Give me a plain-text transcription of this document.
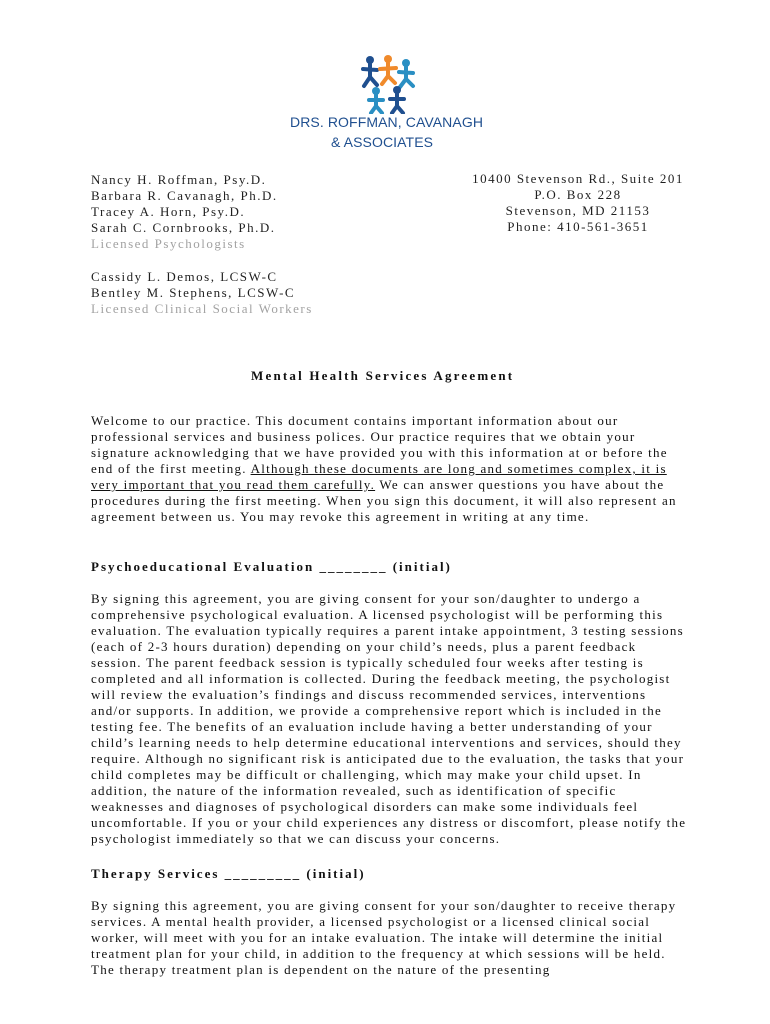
DRS. ROFFMAN, CAVANAGH
& ASSOCIATES
Nancy H. Roffman, Psy.D.
Barbara R. Cavanagh, Ph.D.
Tracey A. Horn, Psy.D.
Sarah C. Cornbrooks, Ph.D.
Licensed Psychologists
10400 Stevenson Rd., Suite 201
P.O. Box 228
Stevenson, MD 21153
Phone: 410-561-3651
Cassidy L. Demos, LCSW-C
Bentley M. Stephens, LCSW-C
Licensed Clinical Social Workers
Mental Health Services Agreement

Welcome to our practice. This document contains important information about our professional services and business polices. Our practice requires that we obtain your signature acknowledging that we have provided you with this information at or before the end of the first meeting. Although these documents are long and sometimes complex, it is very important that you read them carefully. We can answer questions you have about the procedures during the first meeting. When you sign this document, it will also represent an agreement between us. You may revoke this agreement in writing at any time.

Psychoeducational Evaluation ________ (initial)

By signing this agreement, you are giving consent for your son/daughter to undergo a comprehensive psychological evaluation. A licensed psychologist will be performing this evaluation. The evaluation typically requires a parent intake appointment, 3 testing sessions (each of 2-3 hours duration) depending on your child’s needs, plus a parent feedback session. The parent feedback session is typically scheduled four weeks after testing is completed and all information is collected. During the feedback meeting, the psychologist will review the evaluation’s findings and discuss recommended services, interventions and/or supports. In addition, we provide a comprehensive report which is included in the testing fee. The benefits of an evaluation include having a better understanding of your child’s learning needs to help determine educational interventions and services, should they require. Although no significant risk is anticipated due to the evaluation, the tasks that your child completes may be difficult or challenging, which may make your child upset. In addition, the nature of the information revealed, such as identification of specific weaknesses and diagnoses of psychological disorders can make some individuals feel uncomfortable. If you or your child experiences any distress or discomfort, please notify the psychologist immediately so that we can discuss your concerns.

Therapy Services _________ (initial)

By signing this agreement, you are giving consent for your son/daughter to receive therapy services. A mental health provider, a licensed psychologist or a licensed clinical social worker, will meet with you for an intake evaluation. The intake will determine the initial treatment plan for your child, in addition to the frequency at which sessions will be held. The therapy treatment plan is dependent on the nature of the presenting
